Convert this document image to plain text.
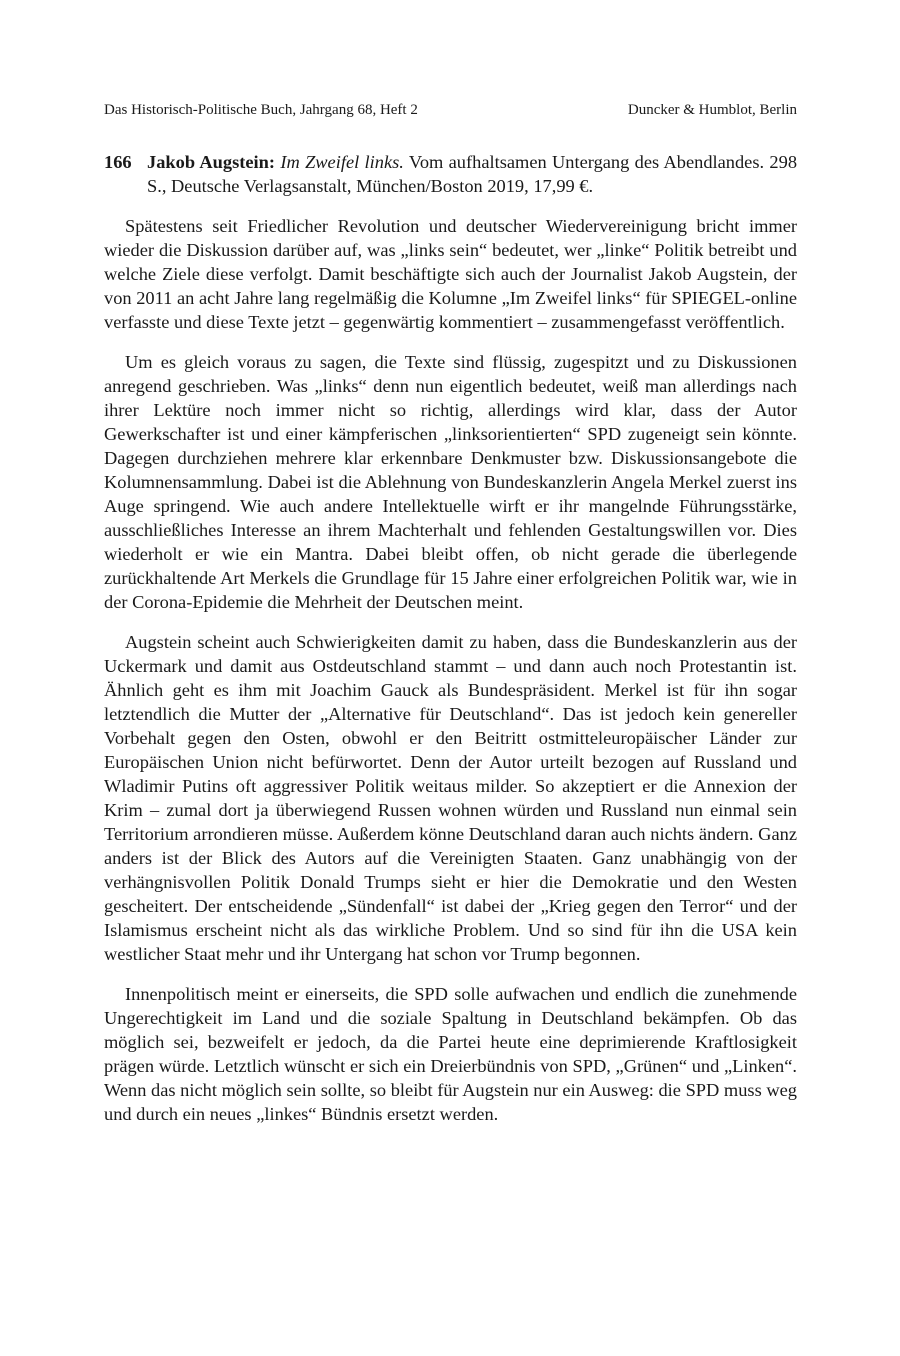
Das Historisch-Politische Buch, Jahrgang 68, Heft 2	Duncker & Humblot, Berlin

166 Jakob Augstein: Im Zweifel links. Vom aufhaltsamen Untergang des Abendlandes. 298 S., Deutsche Verlagsanstalt, München/Boston 2019, 17,99 €.

Spätestens seit Friedlicher Revolution und deutscher Wiedervereinigung bricht immer wieder die Diskussion darüber auf, was „links sein“ bedeutet, wer „linke“ Politik betreibt und welche Ziele diese verfolgt. Damit beschäftigte sich auch der Journalist Jakob Augstein, der von 2011 an acht Jahre lang regelmäßig die Kolumne „Im Zweifel links“ für SPIEGEL-online verfasste und diese Texte jetzt – gegenwärtig kommentiert – zusammengefasst veröffentlich.

Um es gleich voraus zu sagen, die Texte sind flüssig, zugespitzt und zu Diskussionen anregend geschrieben. Was „links“ denn nun eigentlich bedeutet, weiß man allerdings nach ihrer Lektüre noch immer nicht so richtig, allerdings wird klar, dass der Autor Gewerkschafter ist und einer kämpferischen „linksorientierten“ SPD zugeneigt sein könnte. Dagegen durchziehen mehrere klar erkennbare Denkmuster bzw. Diskussionsangebote die Kolumnensammlung. Dabei ist die Ablehnung von Bundeskanzlerin Angela Merkel zuerst ins Auge springend. Wie auch andere Intellektuelle wirft er ihr mangelnde Führungsstärke, ausschließliches Interesse an ihrem Machterhalt und fehlenden Gestaltungswillen vor. Dies wiederholt er wie ein Mantra. Dabei bleibt offen, ob nicht gerade die überlegende zurückhaltende Art Merkels die Grundlage für 15 Jahre einer erfolgreichen Politik war, wie in der Corona-Epidemie die Mehrheit der Deutschen meint.

Augstein scheint auch Schwierigkeiten damit zu haben, dass die Bundeskanzlerin aus der Uckermark und damit aus Ostdeutschland stammt – und dann auch noch Protestantin ist. Ähnlich geht es ihm mit Joachim Gauck als Bundespräsident. Merkel ist für ihn sogar letztendlich die Mutter der „Alternative für Deutschland“. Das ist jedoch kein genereller Vorbehalt gegen den Osten, obwohl er den Beitritt ostmitteleuropäischer Länder zur Europäischen Union nicht befürwortet. Denn der Autor urteilt bezogen auf Russland und Wladimir Putins oft aggressiver Politik weitaus milder. So akzeptiert er die Annexion der Krim – zumal dort ja überwiegend Russen wohnen würden und Russland nun einmal sein Territorium arrondieren müsse. Außerdem könne Deutschland daran auch nichts ändern. Ganz anders ist der Blick des Autors auf die Vereinigten Staaten. Ganz unabhängig von der verhängnisvollen Politik Donald Trumps sieht er hier die Demokratie und den Westen gescheitert. Der entscheidende „Sündenfall“ ist dabei der „Krieg gegen den Terror“ und der Islamismus erscheint nicht als das wirkliche Problem. Und so sind für ihn die USA kein westlicher Staat mehr und ihr Untergang hat schon vor Trump begonnen.

Innenpolitisch meint er einerseits, die SPD solle aufwachen und endlich die zunehmende Ungerechtigkeit im Land und die soziale Spaltung in Deutschland bekämpfen. Ob das möglich sei, bezweifelt er jedoch, da die Partei heute eine deprimierende Kraftlosigkeit prägen würde. Letztlich wünscht er sich ein Dreierbündnis von SPD, „Grünen“ und „Linken“. Wenn das nicht möglich sein sollte, so bleibt für Augstein nur ein Ausweg: die SPD muss weg und durch ein neues „linkes“ Bündnis ersetzt werden.
